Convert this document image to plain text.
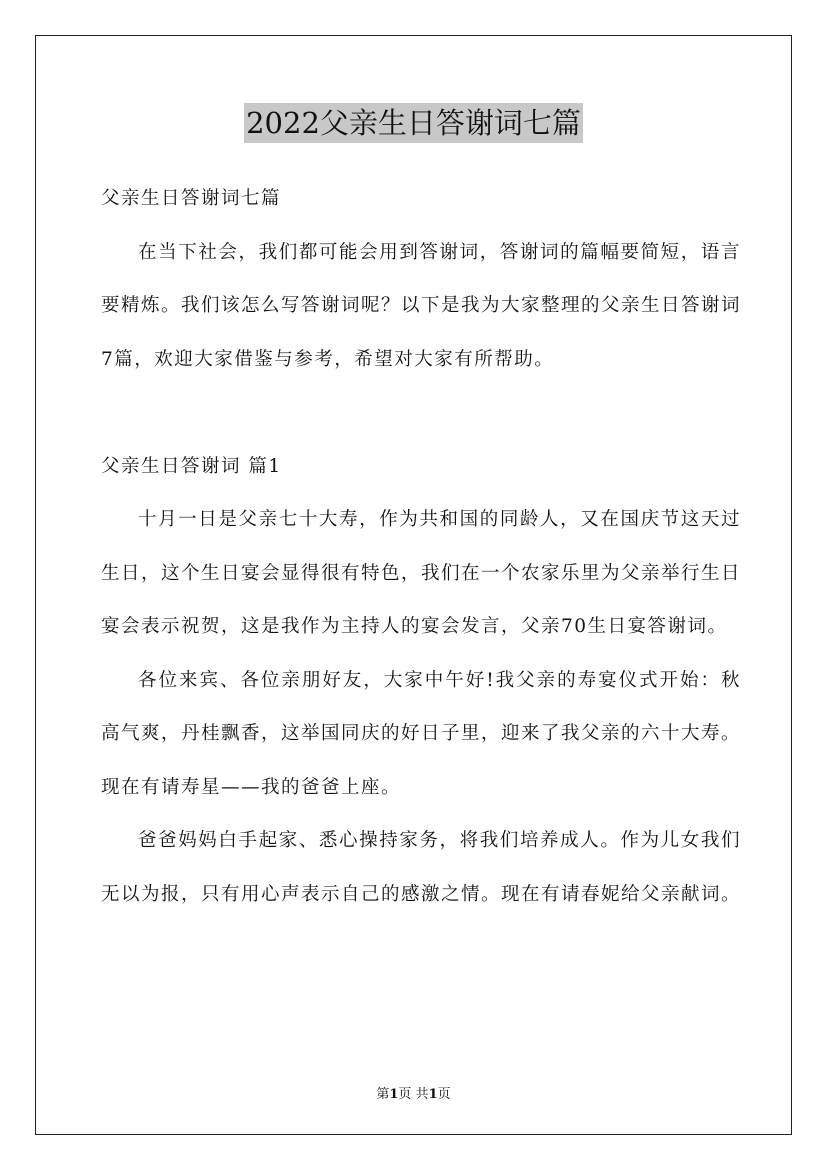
2022父亲生日答谢词七篇

父亲生日答谢词七篇

在当下社会，我们都可能会用到答谢词，答谢词的篇幅要简短，语言要精炼。我们该怎么写答谢词呢？以下是我为大家整理的父亲生日答谢词7篇，欢迎大家借鉴与参考，希望对大家有所帮助。

父亲生日答谢词 篇1

十月一日是父亲七十大寿，作为共和国的同龄人，又在国庆节这天过生日，这个生日宴会显得很有特色，我们在一个农家乐里为父亲举行生日宴会表示祝贺，这是我作为主持人的宴会发言，父亲70生日宴答谢词。

各位来宾、各位亲朋好友，大家中午好!我父亲的寿宴仪式开始：秋高气爽，丹桂飘香，这举国同庆的好日子里，迎来了我父亲的六十大寿。现在有请寿星——我的爸爸上座。

爸爸妈妈白手起家、悉心操持家务，将我们培养成人。作为儿女我们无以为报，只有用心声表示自己的感激之情。现在有请春妮给父亲献词。

第1页 共1页
